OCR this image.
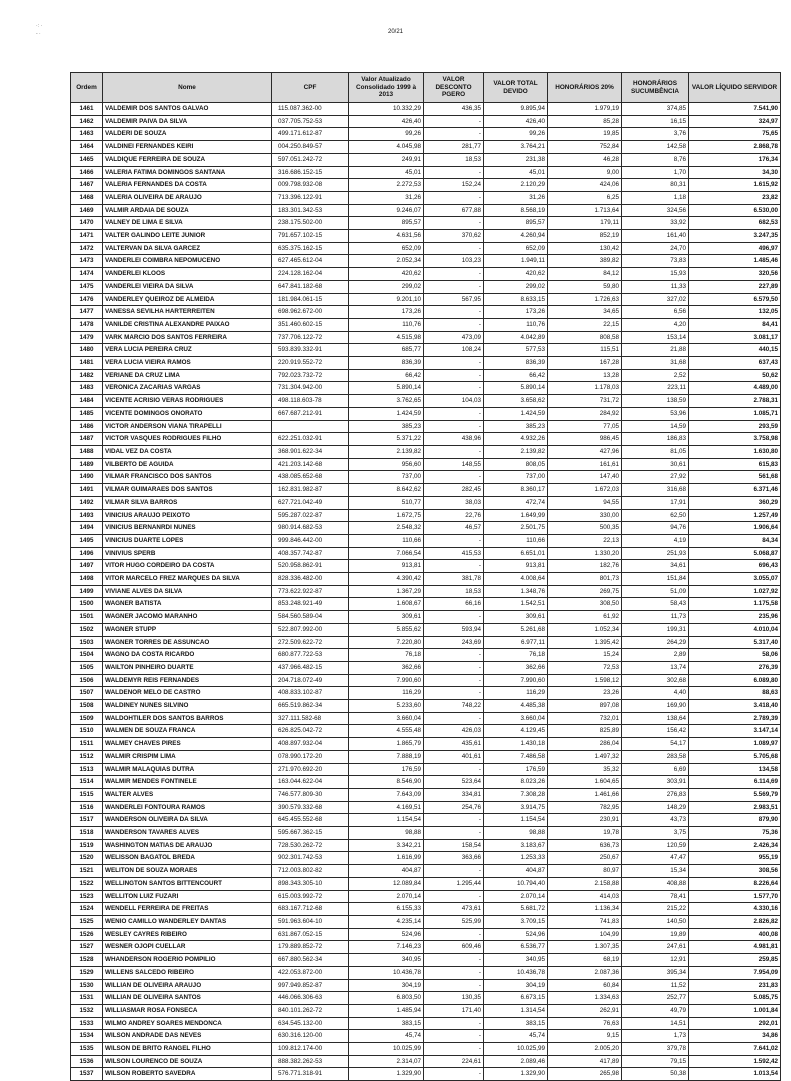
·: ·
- ·	20/21
Ordem	Nome	CPF	Valor Atualizado Consolidado 1999 à 2013	VALOR DESCONTO PGERO	VALOR TOTAL DEVIDO	HONORÁRIOS 20%	HONORÁRIOS SUCUMBÊNCIA	VALOR LÍQUIDO SERVIDOR
1461	VALDEMIR DOS SANTOS GALVAO	115.087.362-00	10.332,29	436,35	9.895,94	1.979,19	374,85	7.541,90
1462	VALDEMIR PAIVA DA SILVA	037.705.752-53	426,40	-	426,40	85,28	16,15	324,97
1463	VALDERI DE SOUZA	499.171.612-87	99,26	-	99,26	19,85	3,76	75,65
1464	VALDINEI FERNANDES KEIRI	004.250.849-57	4.045,98	281,77	3.764,21	752,84	142,58	2.868,78
1465	VALDIQUE FERREIRA DE SOUZA	597.051.242-72	249,91	18,53	231,38	46,28	8,76	176,34
1466	VALERIA FATIMA DOMINGOS SANTANA	316.686.152-15	45,01	-	45,01	9,00	1,70	34,30
1467	VALERIA FERNANDES DA COSTA	009.798.932-08	2.272,53	152,24	2.120,29	424,06	80,31	1.615,92
1468	VALERIA OLIVEIRA DE ARAUJO	713.396.122-91	31,26	-	31,26	6,25	1,18	23,82
1469	VALMIR ARDAIA DE SOUZA	183.301.342-53	9.246,07	677,88	8.568,19	1.713,64	324,56	6.530,00
1470	VALNEY DE LIMA E SILVA	238.175.502-00	895,57	-	895,57	179,11	33,92	682,53
1471	VALTER GALINDO LEITE JUNIOR	791.657.102-15	4.631,56	370,62	4.260,94	852,19	161,40	3.247,35
1472	VALTERVAN DA SILVA GARCEZ	635.375.162-15	652,09	-	652,09	130,42	24,70	496,97
1473	VANDERLEI COIMBRA NEPOMUCENO	627.465.612-04	2.052,34	103,23	1.949,11	389,82	73,83	1.485,46
1474	VANDERLEI KLOOS	224.128.162-04	420,62	-	420,62	84,12	15,93	320,56
1475	VANDERLEI VIEIRA DA SILVA	647.841.182-68	299,02	-	299,02	59,80	11,33	227,89
1476	VANDERLEY QUEIROZ DE ALMEIDA	181.984.061-15	9.201,10	567,95	8.633,15	1.726,63	327,02	6.579,50
1477	VANESSA SEVILHA HARTERREITEN	698.962.672-00	173,26	-	173,26	34,65	6,56	132,05
1478	VANILDE CRISTINA ALEXANDRE PAIXAO	351.460.602-15	110,76	-	110,76	22,15	4,20	84,41
1479	VARK MARCIO DOS SANTOS FERREIRA	737.706.122-72	4.515,98	473,09	4.042,89	808,58	153,14	3.081,17
1480	VERA LUCIA PEREIRA CRUZ	593.839.332-91	685,77	108,24	577,53	115,51	21,88	440,15
1481	VERA LUCIA VIEIRA RAMOS	220.919.552-72	836,39	-	836,39	167,28	31,68	637,43
1482	VERIANE DA CRUZ LIMA	792.023.732-72	66,42	-	66,42	13,28	2,52	50,62
1483	VERONICA ZACARIAS VARGAS	731.304.942-00	5.890,14	-	5.890,14	1.178,03	223,11	4.489,00
1484	VICENTE ACRISIO VERAS RODRIGUES	498.118.603-78	3.762,65	104,03	3.658,62	731,72	138,59	2.788,31
1485	VICENTE DOMINGOS ONORATO	667.687.212-91	1.424,59	-	1.424,59	284,92	53,96	1.085,71
1486	VICTOR ANDERSON VIANA TIRAPELLI		385,23	-	385,23	77,05	14,59	293,59
1487	VICTOR VASQUES RODRIGUES FILHO	622.251.032-91	5.371,22	438,96	4.932,26	986,45	186,83	3.758,98
1488	VIDAL VEZ DA COSTA	368.901.622-34	2.139,82	-	2.139,82	427,96	81,05	1.630,80
1489	VILBERTO DE AGUIDA	421.203.142-68	956,60	148,55	808,05	161,61	30,61	615,83
1490	VILMAR FRANCISCO DOS SANTOS	438.085.652-68	737,00	-	737,00	147,40	27,92	561,68
1491	VILMAR GUIMARAES DOS SANTOS	162.831.982-87	8.642,62	282,45	8.360,17	1.672,03	316,68	6.371,46
1492	VILMAR SILVA BARROS	627.721.042-49	510,77	38,03	472,74	94,55	17,91	360,29
1493	VINICIUS ARAUJO PEIXOTO	595.287.022-87	1.672,75	22,76	1.649,99	330,00	62,50	1.257,49
1494	VINICIUS BERNANRDI NUNES	980.914.682-53	2.548,32	46,57	2.501,75	500,35	94,76	1.906,64
1495	VINICIUS DUARTE LOPES	999.846.442-00	110,66	-	110,66	22,13	4,19	84,34
1496	VINIVIUS SPERB	408.357.742-87	7.066,54	415,53	6.651,01	1.330,20	251,93	5.068,87
1497	VITOR HUGO CORDEIRO DA COSTA	520.958.862-91	913,81	-	913,81	182,76	34,61	696,43
1498	VITOR MARCELO FREZ MARQUES DA SILVA	828.336.482-00	4.390,42	381,78	4.008,64	801,73	151,84	3.055,07
1499	VIVIANE ALVES DA SILVA	773.622.922-87	1.367,29	18,53	1.348,76	269,75	51,09	1.027,92
1500	WAGNER BATISTA	853.248.921-49	1.608,67	66,16	1.542,51	308,50	58,43	1.175,58
1501	WAGNER JACOMO MARANHO	584.560.589-04	309,61	-	309,61	61,92	11,73	235,96
1502	WAGNER STUPP	522.807.992-00	5.855,62	593,94	5.261,68	1.052,34	199,31	4.010,04
1503	WAGNER TORRES DE ASSUNCAO	272.509.622-72	7.220,80	243,69	6.977,11	1.395,42	264,29	5.317,40
1504	WAGNO DA COSTA RICARDO	680.877.722-53	76,18	-	76,18	15,24	2,89	58,06
1505	WAILTON PINHEIRO DUARTE	437.966.482-15	362,66	-	362,66	72,53	13,74	276,39
1506	WALDEMYR REIS FERNANDES	204.718.072-49	7.990,60	-	7.990,60	1.598,12	302,68	6.089,80
1507	WALDENOR MELO DE CASTRO	408.833.102-87	116,29	-	116,29	23,26	4,40	88,63
1508	WALDINEY NUNES SILVINO	665.519.862-34	5.233,60	748,22	4.485,38	897,08	169,90	3.418,40
1509	WALDOHTILER DOS SANTOS BARROS	327.111.582-68	3.660,04	-	3.660,04	732,01	138,64	2.789,39
1510	WALMEN DE SOUZA FRANCA	626.825.042-72	4.555,48	426,03	4.129,45	825,89	156,42	3.147,14
1511	WALMEY CHAVES PIRES	408.897.932-04	1.865,79	435,61	1.430,18	286,04	54,17	1.089,97
1512	WALMIR CRISPIM LIMA	078.990.172-20	7.888,19	401,61	7.486,58	1.497,32	283,58	5.705,68
1513	WALMIR MALAQUIAS DUTRA	271.970.692-20	176,59	-	176,59	35,32	6,69	134,58
1514	WALMIR MENDES FONTINELE	163.044.622-04	8.546,90	523,64	8.023,26	1.604,65	303,91	6.114,69
1515	WALTER ALVES	746.577.809-30	7.643,09	334,81	7.308,28	1.461,66	276,83	5.569,79
1516	WANDERLEI FONTOURA RAMOS	390.579.332-68	4.169,51	254,76	3.914,75	782,95	148,29	2.983,51
1517	WANDERSON OLIVEIRA DA SILVA	645.455.552-68	1.154,54	-	1.154,54	230,91	43,73	879,90
1518	WANDERSON TAVARES ALVES	595.667.362-15	98,88	-	98,88	19,78	3,75	75,36
1519	WASHINGTON MATIAS DE ARAUJO	728.530.262-72	3.342,21	158,54	3.183,67	636,73	120,59	2.426,34
1520	WELISSON BAGATOL BREDA	902.301.742-53	1.616,99	363,66	1.253,33	250,67	47,47	955,19
1521	WELITON DE SOUZA MORAES	712.003.802-82	404,87	-	404,87	80,97	15,34	308,56
1522	WELLINGTON SANTOS BITTENCOURT	898.343.305-10	12.089,84	1.295,44	10.794,40	2.158,88	408,88	8.226,64
1523	WELLITON LUIZ FUZARI	615.003.992-72	2.070,14	-	2.070,14	414,03	78,41	1.577,70
1524	WENDELL FERREIRA DE FREITAS	683.167.712-68	6.155,33	473,61	5.681,72	1.136,34	215,22	4.330,16
1525	WENIO CAMILLO WANDERLEY DANTAS	591.963.604-10	4.235,14	525,99	3.709,15	741,83	140,50	2.826,82
1526	WESLEY CAYRES RIBEIRO	631.867.052-15	524,96	-	524,96	104,99	19,89	400,08
1527	WESNER OJOPI CUELLAR	179.889.852-72	7.146,23	609,46	6.536,77	1.307,35	247,61	4.981,81
1528	WHANDERSON ROGERIO POMPILIO	667.880.562-34	340,95	-	340,95	68,19	12,91	259,85
1529	WILLENS SALCEDO RIBEIRO	422.053.872-00	10.436,78	-	10.436,78	2.087,36	395,34	7.954,09
1530	WILLIAN DE OLIVEIRA ARAUJO	997.949.852-87	304,19	-	304,19	60,84	11,52	231,83
1531	WILLIAN DE OLIVEIRA SANTOS	446.066.306-63	6.803,50	130,35	6.673,15	1.334,63	252,77	5.085,75
1532	WILLIASMAR ROSA FONSECA	840.101.262-72	1.485,94	171,40	1.314,54	262,91	49,79	1.001,84
1533	WILMO ANDREY SOARES MENDONCA	634.545.132-00	383,15	-	383,15	76,63	14,51	292,01
1534	WILSON ANDRADE DAS NEVES	630.316.120-00	45,74	-	45,74	9,15	1,73	34,86
1535	WILSON DE BRITO RANGEL FILHO	109.812.174-00	10.025,99	-	10.025,99	2.005,20	379,78	7.641,02
1536	WILSON LOURENCO DE SOUZA	888.382.262-53	2.314,07	224,61	2.089,46	417,89	79,15	1.592,42
1537	WILSON ROBERTO SAVEDRA	576.771.318-91	1.329,90	-	1.329,90	265,98	50,38	1.013,54
